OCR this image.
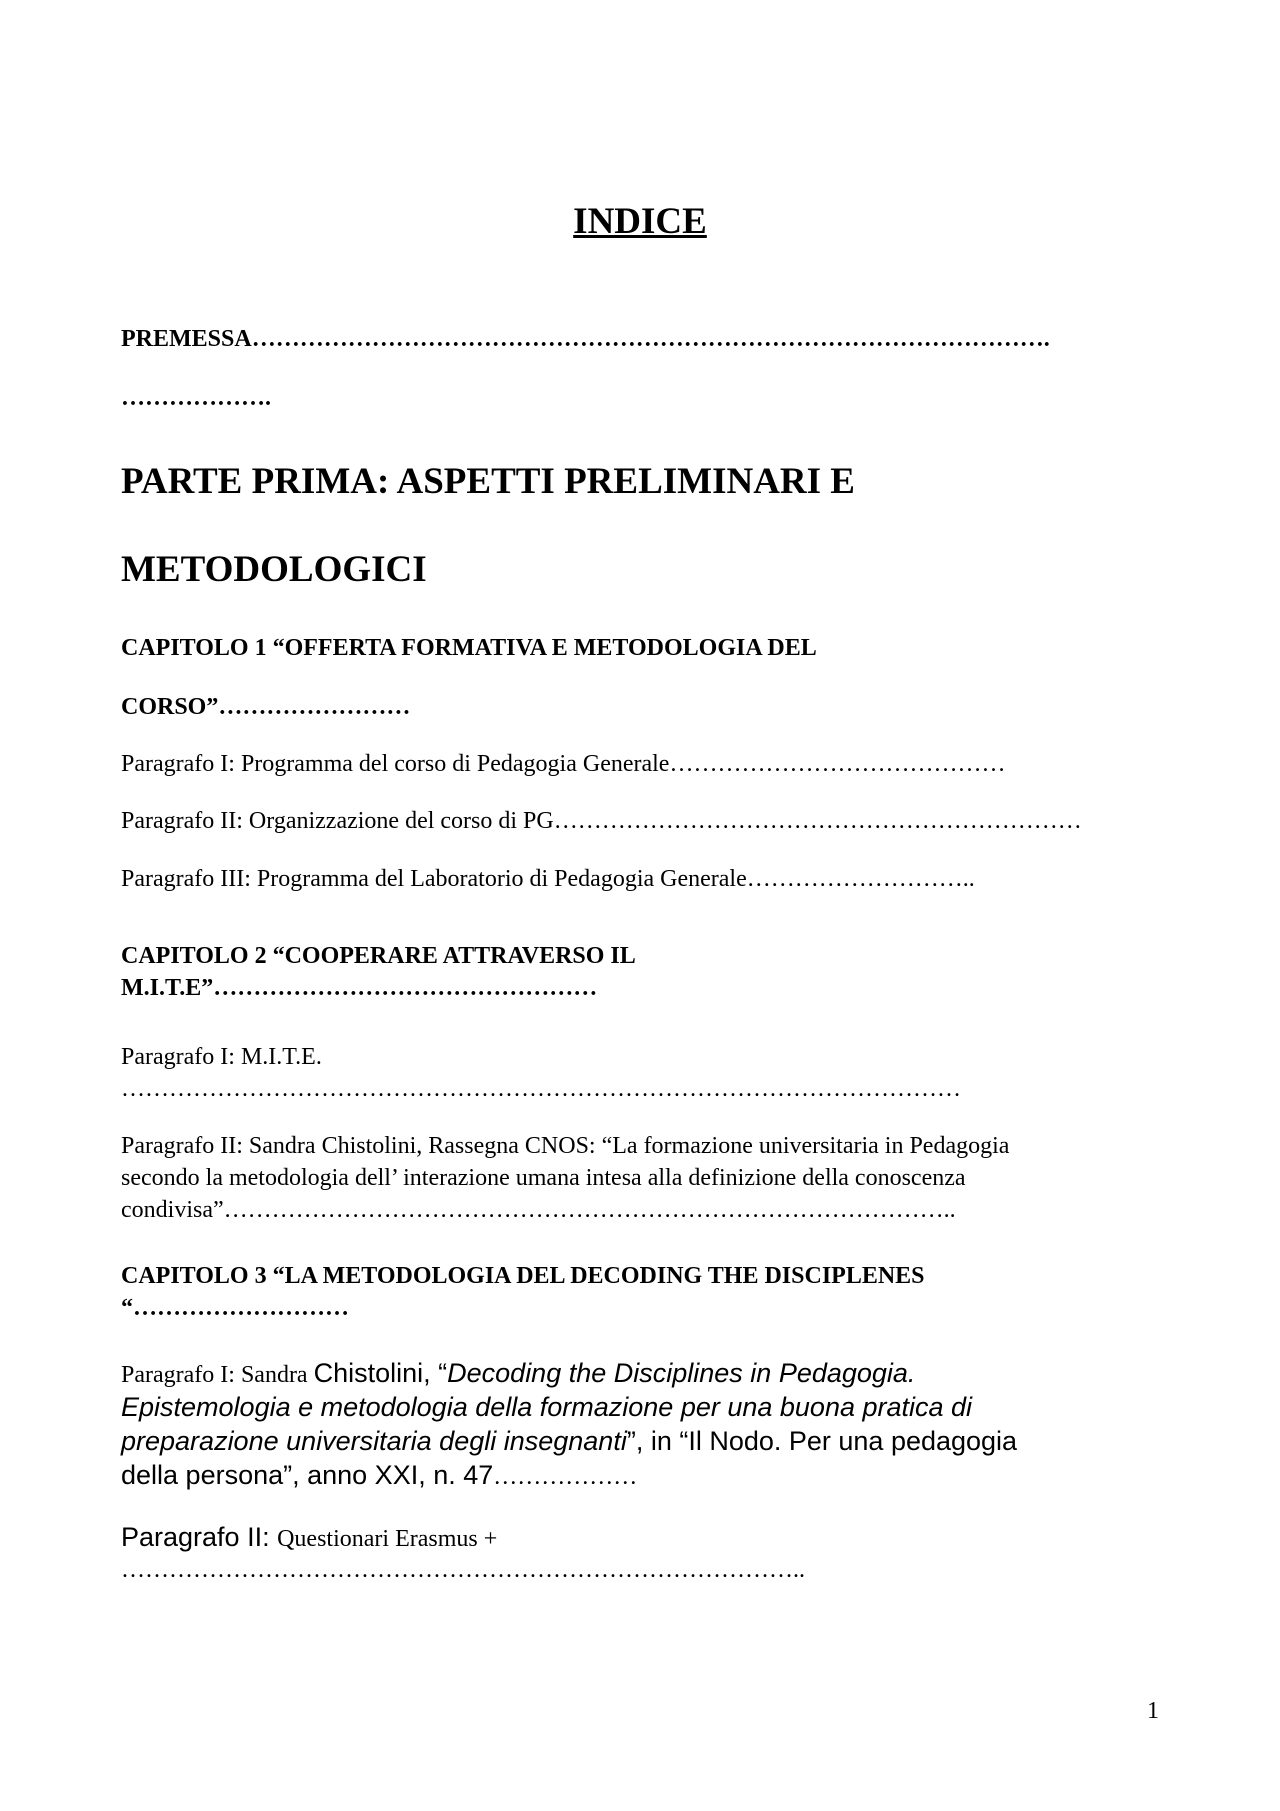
INDICE
PREMESSA……………………………………………………………………………………….
……………….
PARTE PRIMA: ASPETTI PRELIMINARI E
METODOLOGICI
CAPITOLO 1 “OFFERTA FORMATIVA E METODOLOGIA DEL
CORSO”……………………
Paragrafo I: Programma del corso di Pedagogia Generale……………………………………
Paragrafo II: Organizzazione del corso di PG…………………………………………………………
Paragrafo III: Programma del Laboratorio di Pedagogia Generale………………………..
CAPITOLO 2 “COOPERARE ATTRAVERSO IL
M.I.T.E”…………………………………………
Paragrafo I: M.I.T.E.
……………………………………………………………………………………………
Paragrafo II: Sandra Chistolini, Rassegna CNOS: “La formazione universitaria in Pedagogia
secondo la metodologia dell’ interazione umana intesa alla definizione della conoscenza
condivisa”………………………………………………………………………………..
CAPITOLO 3 “LA METODOLOGIA DEL DECODING THE DISCIPLENES
“………………………
Paragrafo I: Sandra Chistolini, “Decoding the Disciplines in Pedagogia.
Epistemologia e metodologia della formazione per una buona pratica di
preparazione universitaria degli insegnanti”, in “Il Nodo. Per una pedagogia
della persona”, anno XXI, n. 47………………
Paragrafo II: Questionari Erasmus +
…………………………………………………………………………..
1
